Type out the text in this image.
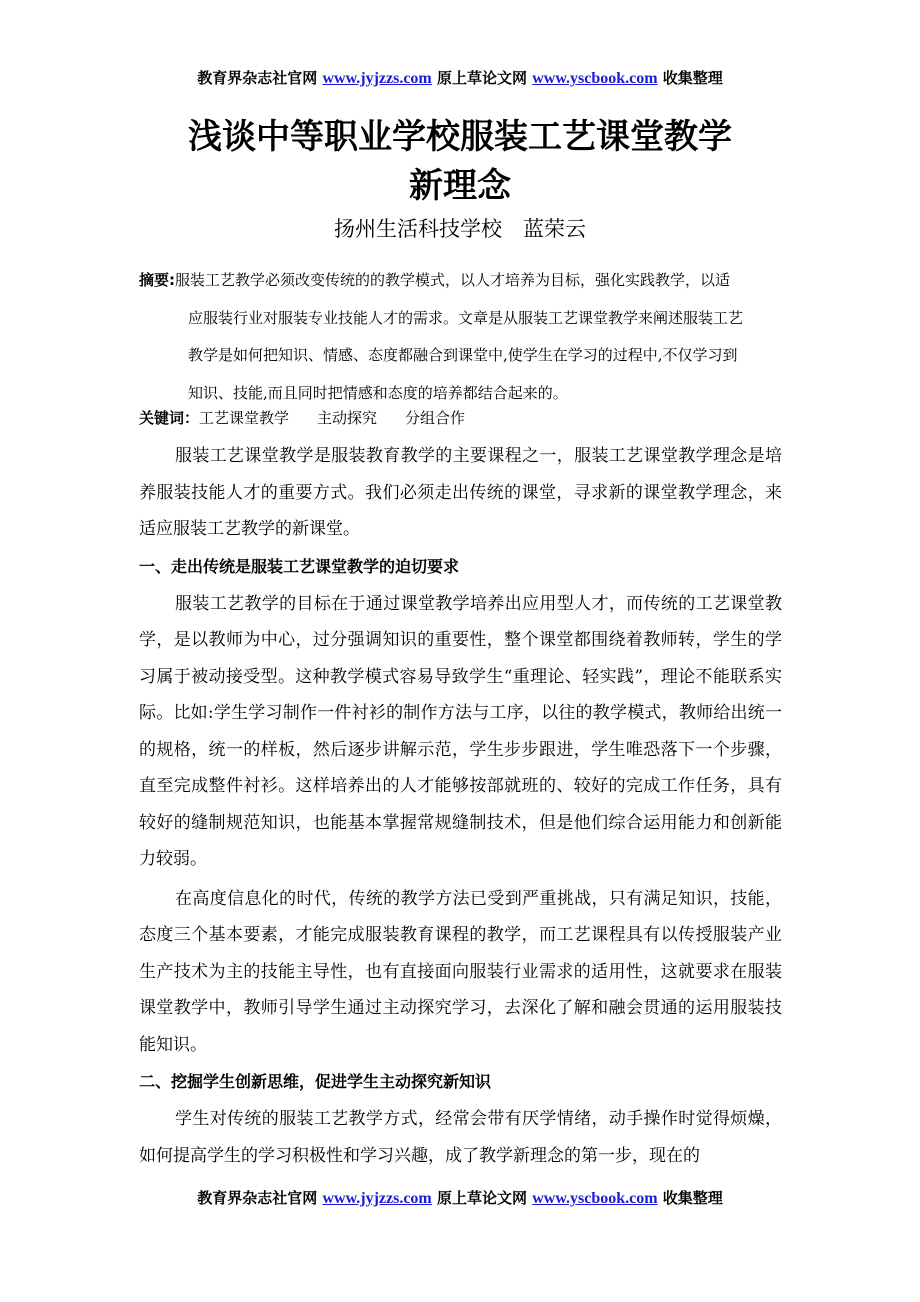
教育界杂志社官网 www.jyjzzs.com 原上草论文网 www.yscbook.com 收集整理
浅谈中等职业学校服装工艺课堂教学
新理念
扬州生活科技学校　蓝荣云
摘要:服装工艺教学必须改变传统的的教学模式，以人才培养为目标，强化实践教学，以适
应服装行业对服装专业技能人才的需求。文章是从服装工艺课堂教学来阐述服装工艺
教学是如何把知识、情感、态度都融合到课堂中,使学生在学习的过程中,不仅学习到
知识、技能,而且同时把情感和态度的培养都结合起来的。
关键词：工艺课堂教学 主动探究 分组合作

服装工艺课堂教学是服装教育教学的主要课程之一，服装工艺课堂教学理念是培养服装技能人才的重要方式。我们必须走出传统的课堂，寻求新的课堂教学理念，来适应服装工艺教学的新课堂。

一、走出传统是服装工艺课堂教学的迫切要求

服装工艺教学的目标在于通过课堂教学培养出应用型人才，而传统的工艺课堂教学，是以教师为中心，过分强调知识的重要性，整个课堂都围绕着教师转，学生的学习属于被动接受型。这种教学模式容易导致学生“重理论、轻实践”，理论不能联系实际。比如:学生学习制作一件衬衫的制作方法与工序，以往的教学模式，教师给出统一的规格，统一的样板，然后逐步讲解示范，学生步步跟进，学生唯恐落下一个步骤，直至完成整件衬衫。这样培养出的人才能够按部就班的、较好的完成工作任务，具有较好的缝制规范知识，也能基本掌握常规缝制技术，但是他们综合运用能力和创新能力较弱。

在高度信息化的时代，传统的教学方法已受到严重挑战，只有满足知识，技能，态度三个基本要素，才能完成服装教育课程的教学，而工艺课程具有以传授服装产业生产技术为主的技能主导性，也有直接面向服装行业需求的适用性，这就要求在服装课堂教学中，教师引导学生通过主动探究学习，去深化了解和融会贯通的运用服装技能知识。

二、挖掘学生创新思维，促进学生主动探究新知识

学生对传统的服装工艺教学方式，经常会带有厌学情绪，动手操作时觉得烦燥，如何提高学生的学习积极性和学习兴趣，成了教学新理念的第一步，现在的

教育界杂志社官网 www.jyjzzs.com 原上草论文网 www.yscbook.com 收集整理
